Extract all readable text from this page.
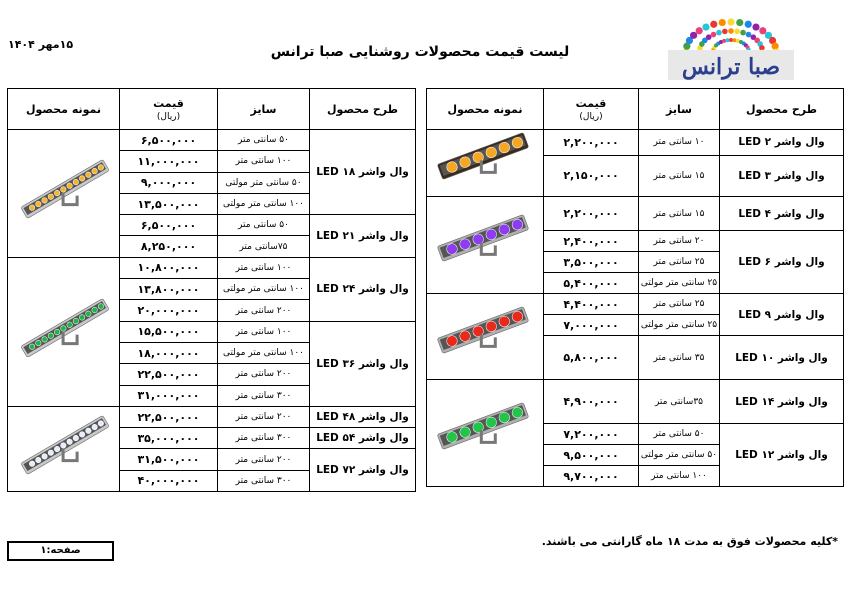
صبا ترانس
لیست قیمت محصولات روشنایی صبا ترانس
۱۵مهر ۱۴۰۴
طرح محصول	سایز	قیمت
(ریال)	نمونه محصول
وال واشر ۲ LED	۱۰ سانتی متر	۲,۲۰۰,۰۰۰	

وال واشر ۳ LED	۱۵ سانتی متر	۲,۱۵۰,۰۰۰	
وال واشر ۴ LED	۱۵ سانتی متر	۲,۲۰۰,۰۰۰	

وال واشر ۶ LED	۲۰ سانتی متر	۲,۴۰۰,۰۰۰	
	۲۵ سانتی متر	۳,۵۰۰,۰۰۰	
	۲۵ سانتی متر مولتی	۵,۴۰۰,۰۰۰	
وال واشر ۹ LED	۲۵ سانتی متر	۴,۴۰۰,۰۰۰	

	۲۵ سانتی متر مولتی	۷,۰۰۰,۰۰۰	
وال واشر ۱۰ LED	۳۵ سانتی متر	۵,۸۰۰,۰۰۰	
وال واشر ۱۴ LED	۳۵سانتی متر	۴,۹۰۰,۰۰۰	

وال واشر ۱۲ LED	۵۰ سانتی متر	۷,۲۰۰,۰۰۰	
	۵۰ سانتی متر مولتی	۹,۵۰۰,۰۰۰	
	۱۰۰ سانتی متر	۹,۷۰۰,۰۰۰	
طرح محصول	سایز	قیمت
(ریال)	نمونه محصول
وال واشر ۱۸ LED	۵۰ سانتی متر	۶,۵۰۰,۰۰۰	

	۱۰۰ سانتی متر	۱۱,۰۰۰,۰۰۰	
	۵۰ سانتی متر مولتی	۹,۰۰۰,۰۰۰	
	۱۰۰ سانتی متر مولتی	۱۳,۵۰۰,۰۰۰	
وال واشر ۲۱ LED	۵۰ سانتی متر	۶,۵۰۰,۰۰۰	
	۷۵سانتی متر	۸,۲۵۰,۰۰۰	
وال واشر ۲۴ LED	۱۰۰ سانتی متر	۱۰,۸۰۰,۰۰۰	

	۱۰۰ سانتی متر مولتی	۱۳,۸۰۰,۰۰۰	
	۲۰۰ سانتی متر	۲۰,۰۰۰,۰۰۰	
وال واشر ۳۶ LED	۱۰۰ سانتی متر	۱۵,۵۰۰,۰۰۰	
	۱۰۰ سانتی متر مولتی	۱۸,۰۰۰,۰۰۰	
	۲۰۰ سانتی متر	۲۲,۵۰۰,۰۰۰	
	۳۰۰ سانتی متر	۳۱,۰۰۰,۰۰۰	
وال واشر ۴۸ LED	۲۰۰ سانتی متر	۲۲,۵۰۰,۰۰۰	

وال واشر ۵۴ LED	۳۰۰ سانتی متر	۳۵,۰۰۰,۰۰۰	
وال واشر ۷۲ LED	۲۰۰ سانتی متر	۳۱,۵۰۰,۰۰۰	
	۳۰۰ سانتی متر	۴۰,۰۰۰,۰۰۰	
*کلیه محصولات فوق به مدت ۱۸ ماه گارانتی می باشند.
صفحه:۱
